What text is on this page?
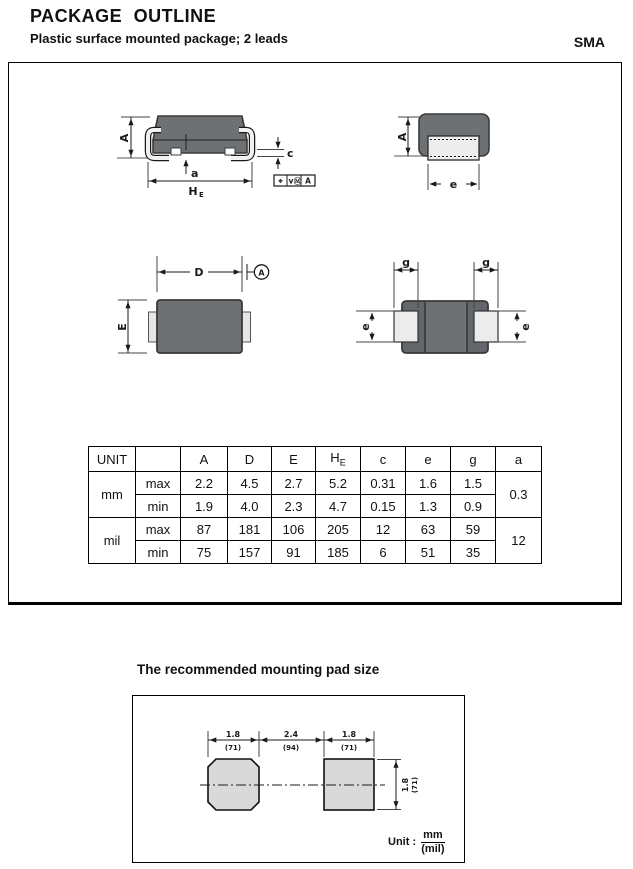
PACKAGE OUTLINE
Plastic surface mounted package; 2 leads	SMA
The recommended mounting pad size
A
a
H E
c
⌖ v Ⓜ A
A
e
D	A
E
g	g
e	e
1.8
(71)
2.4
(94)
1.8
(71)
1.8 (71)
UNIT		A	D	E	$H_E$	c	e	g	a
mm	max	2.2	4.5	2.7	5.2	0.31	1.6	1.5	0.3
	min	1.9	4.0	2.3	4.7	0.15	1.3	0.9	
mil	max	87	181	106	205	12	63	59	12
	min	75	157	91	185	6	51	35	
Unit : $\frac{mm}{\text{(mil)}}$
